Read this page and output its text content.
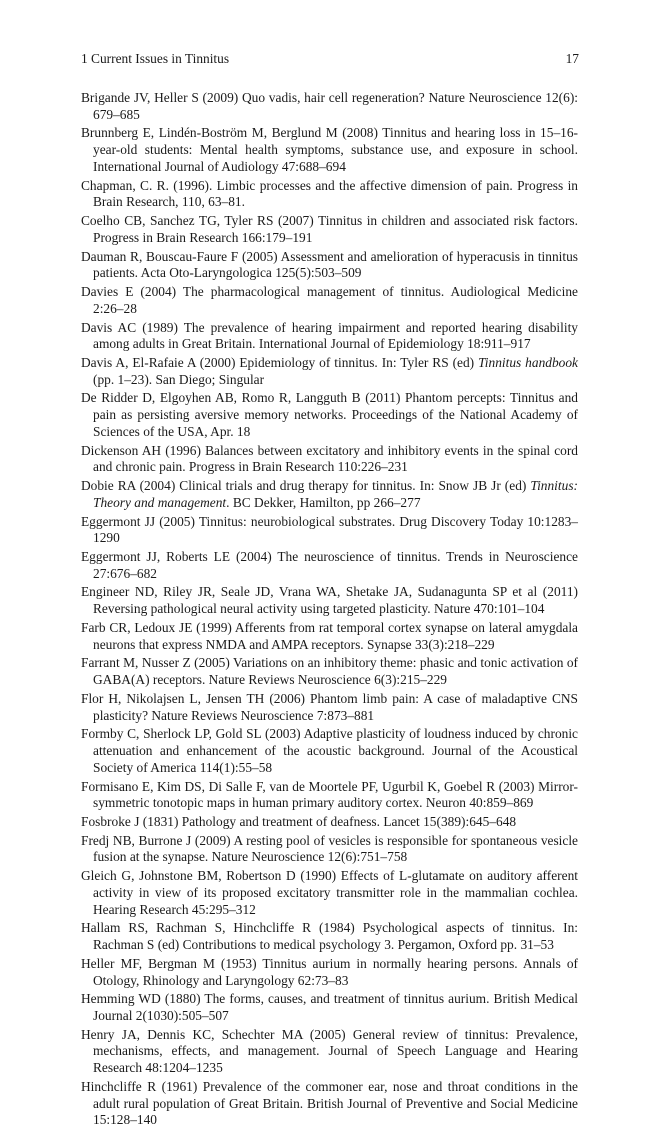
1 Current Issues in Tinnitus	17
Brigande JV, Heller S (2009) Quo vadis, hair cell regeneration? Nature Neuroscience 12(6): 679–685
Brunnberg E, Lindén-Boström M, Berglund M (2008) Tinnitus and hearing loss in 15–16-year-old students: Mental health symptoms, substance use, and exposure in school. International Journal of Audiology 47:688–694
Chapman, C. R. (1996). Limbic processes and the affective dimension of pain. Progress in Brain Research, 110, 63–81.
Coelho CB, Sanchez TG, Tyler RS (2007) Tinnitus in children and associated risk factors. Progress in Brain Research 166:179–191
Dauman R, Bouscau-Faure F (2005) Assessment and amelioration of hyperacusis in tinnitus patients. Acta Oto-Laryngologica 125(5):503–509
Davies E (2004) The pharmacological management of tinnitus. Audiological Medicine 2:26–28
Davis AC (1989) The prevalence of hearing impairment and reported hearing disability among adults in Great Britain. International Journal of Epidemiology 18:911–917
Davis A, El-Rafaie A (2000) Epidemiology of tinnitus. In: Tyler RS (ed) Tinnitus handbook (pp. 1–23). San Diego; Singular
De Ridder D, Elgoyhen AB, Romo R, Langguth B (2011) Phantom percepts: Tinnitus and pain as persisting aversive memory networks. Proceedings of the National Academy of Sciences of the USA, Apr. 18
Dickenson AH (1996) Balances between excitatory and inhibitory events in the spinal cord and chronic pain. Progress in Brain Research 110:226–231
Dobie RA (2004) Clinical trials and drug therapy for tinnitus. In: Snow JB Jr (ed) Tinnitus: Theory and management. BC Dekker, Hamilton, pp 266–277
Eggermont JJ (2005) Tinnitus: neurobiological substrates. Drug Discovery Today 10:1283–1290
Eggermont JJ, Roberts LE (2004) The neuroscience of tinnitus. Trends in Neuroscience 27:676–682
Engineer ND, Riley JR, Seale JD, Vrana WA, Shetake JA, Sudanagunta SP et al (2011) Reversing pathological neural activity using targeted plasticity. Nature 470:101–104
Farb CR, Ledoux JE (1999) Afferents from rat temporal cortex synapse on lateral amygdala neurons that express NMDA and AMPA receptors. Synapse 33(3):218–229
Farrant M, Nusser Z (2005) Variations on an inhibitory theme: phasic and tonic activation of GABA(A) receptors. Nature Reviews Neuroscience 6(3):215–229
Flor H, Nikolajsen L, Jensen TH (2006) Phantom limb pain: A case of maladaptive CNS plasticity? Nature Reviews Neuroscience 7:873–881
Formby C, Sherlock LP, Gold SL (2003) Adaptive plasticity of loudness induced by chronic attenuation and enhancement of the acoustic background. Journal of the Acoustical Society of America 114(1):55–58
Formisano E, Kim DS, Di Salle F, van de Moortele PF, Ugurbil K, Goebel R (2003) Mirror-symmetric tonotopic maps in human primary auditory cortex. Neuron 40:859–869
Fosbroke J (1831) Pathology and treatment of deafness. Lancet 15(389):645–648
Fredj NB, Burrone J (2009) A resting pool of vesicles is responsible for spontaneous vesicle fusion at the synapse. Nature Neuroscience 12(6):751–758
Gleich G, Johnstone BM, Robertson D (1990) Effects of L-glutamate on auditory afferent activity in view of its proposed excitatory transmitter role in the mammalian cochlea. Hearing Research 45:295–312
Hallam RS, Rachman S, Hinchcliffe R (1984) Psychological aspects of tinnitus. In: Rachman S (ed) Contributions to medical psychology 3. Pergamon, Oxford pp. 31–53
Heller MF, Bergman M (1953) Tinnitus aurium in normally hearing persons. Annals of Otology, Rhinology and Laryngology 62:73–83
Hemming WD (1880) The forms, causes, and treatment of tinnitus aurium. British Medical Journal 2(1030):505–507
Henry JA, Dennis KC, Schechter MA (2005) General review of tinnitus: Prevalence, mechanisms, effects, and management. Journal of Speech Language and Hearing Research 48:1204–1235
Hinchcliffe R (1961) Prevalence of the commoner ear, nose and throat conditions in the adult rural population of Great Britain. British Journal of Preventive and Social Medicine 15:128–140
